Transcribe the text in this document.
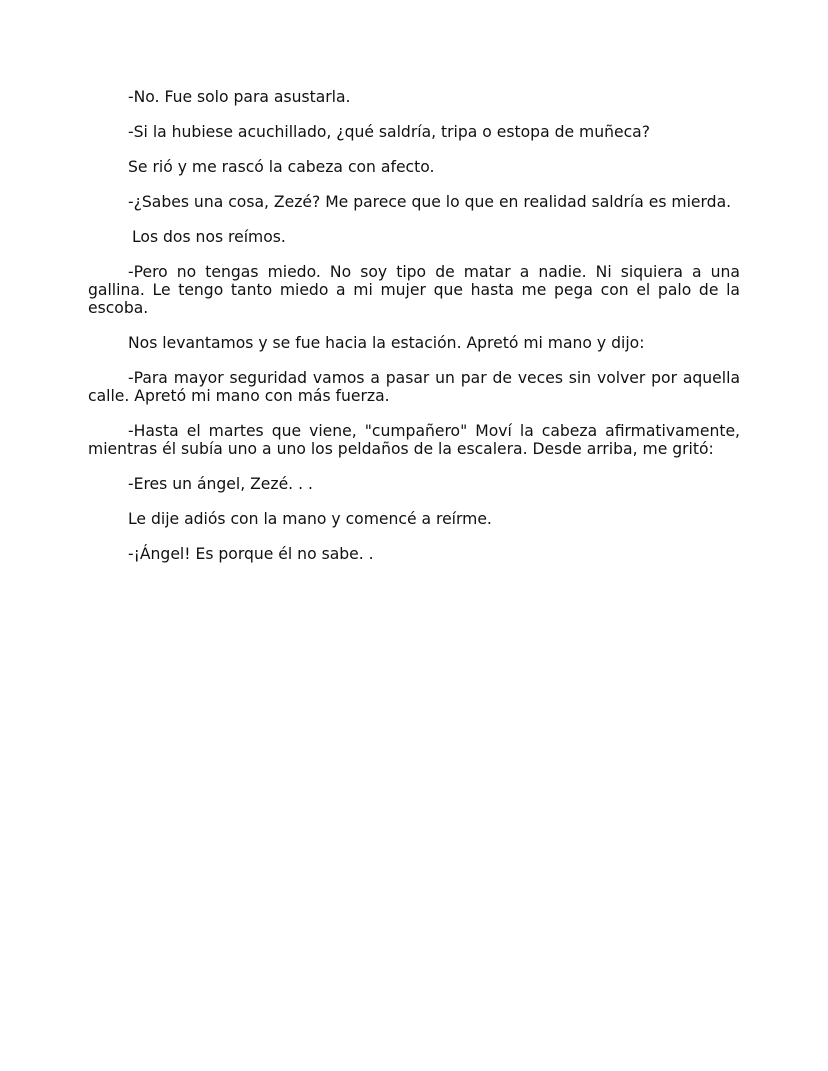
-No. Fue solo para asustarla.

-Si la hubiese acuchillado, ¿qué saldría, tripa o estopa de muñeca?

Se rió y me rascó la cabeza con afecto.

-¿Sabes una cosa, Zezé? Me parece que lo que en realidad saldría es mierda.

Los dos nos reímos.

-Pero no tengas miedo. No soy tipo de matar a nadie. Ni siquiera a una gallina. Le tengo tanto miedo a mi mujer que hasta me pega con el palo de la escoba.

Nos levantamos y se fue hacia la estación. Apretó mi mano y dijo:

-Para mayor seguridad vamos a pasar un par de veces sin volver por aquella calle. Apretó mi mano con más fuerza.

-Hasta el martes que viene, "cumpañero" Moví la cabeza afirmativamente, mientras él subía uno a uno los peldaños de la escalera. Desde arriba, me gritó:

-Eres un ángel, Zezé. . .

Le dije adiós con la mano y comencé a reírme.

-¡Ángel! Es porque él no sabe. .
